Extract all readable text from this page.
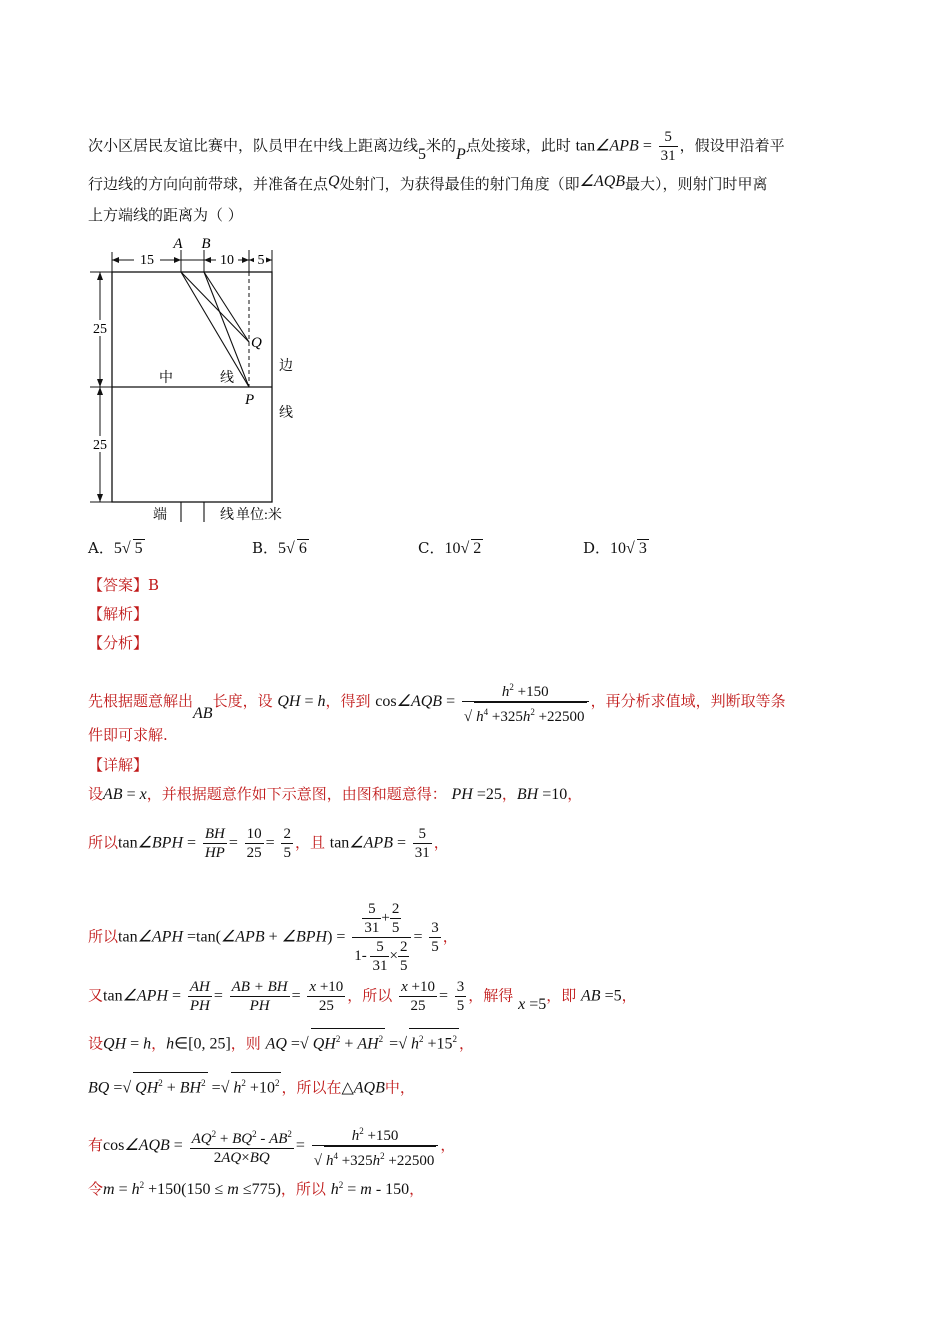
次小区居民友谊比赛中，队员甲在中线上距离边线5米的P点处接球，此时 tan∠APB = $\frac{5}{31}$ ，假设甲沿着平
行边线的方向向前带球，并准备在点Q处射门，为获得最佳的射门角度（即∠AQB最大），则射门时甲离
上方端线的距离为（ ）
15	10 5
25
25
A B
Q
P
中	线
边
线
端	线 单位:米
A．5√ 5	B．5√ 6	C．10√ 2	D．10√ 3
【答案】B
【解析】
【分析】
先根据题意解出AB长度，设 QH = h，得到 cos∠AQB = $\frac{h^2 +150}{√ h^4 +325h^2 +22500}$ ，再分析求值域，判断取等条
件即可求解.
【详解】
设AB = x，并根据题意作如下示意图，由图和题意得： PH =25，BH =10，
所以tan∠BPH = $\frac{BH}{HP} = \frac{10}{25} = \frac{2}{5}$ ，且 tan∠APB = $\frac{5}{31}$ ，
所以tan∠APH =tan(∠APB + ∠BPH) = $\frac{\frac{5}{31} + \frac{2}{5}}{1- \frac{5}{31} \times \frac{2}{5}} = \frac{3}{5}$ ，
又tan∠APH = $\frac{AH}{PH} = \frac{AB + BH}{PH} = \frac{x +10}{25}$ ，所以 $\frac{x +10}{25} = \frac{3}{5}$ ，解得 x =5，即 AB =5，
设QH = h，h∈[0, 25]，则 AQ =√ $QH^2 + AH^2$ =√ $h^2 +15^2$ ，
BQ =√ $QH^2 + BH^2$ =√ $h^2 +10^2$ ，所以在△AQB中，
有cos∠AQB = $\frac{AQ^2 + BQ^2 - AB^2}{2AQ\times BQ} = \frac{h^2 +150}{√ h^4 +325h^2 +22500}$ ，
令$m = h^2 +150(150 \le m \le 775)$，所以 $h^2 = m - 150$，
